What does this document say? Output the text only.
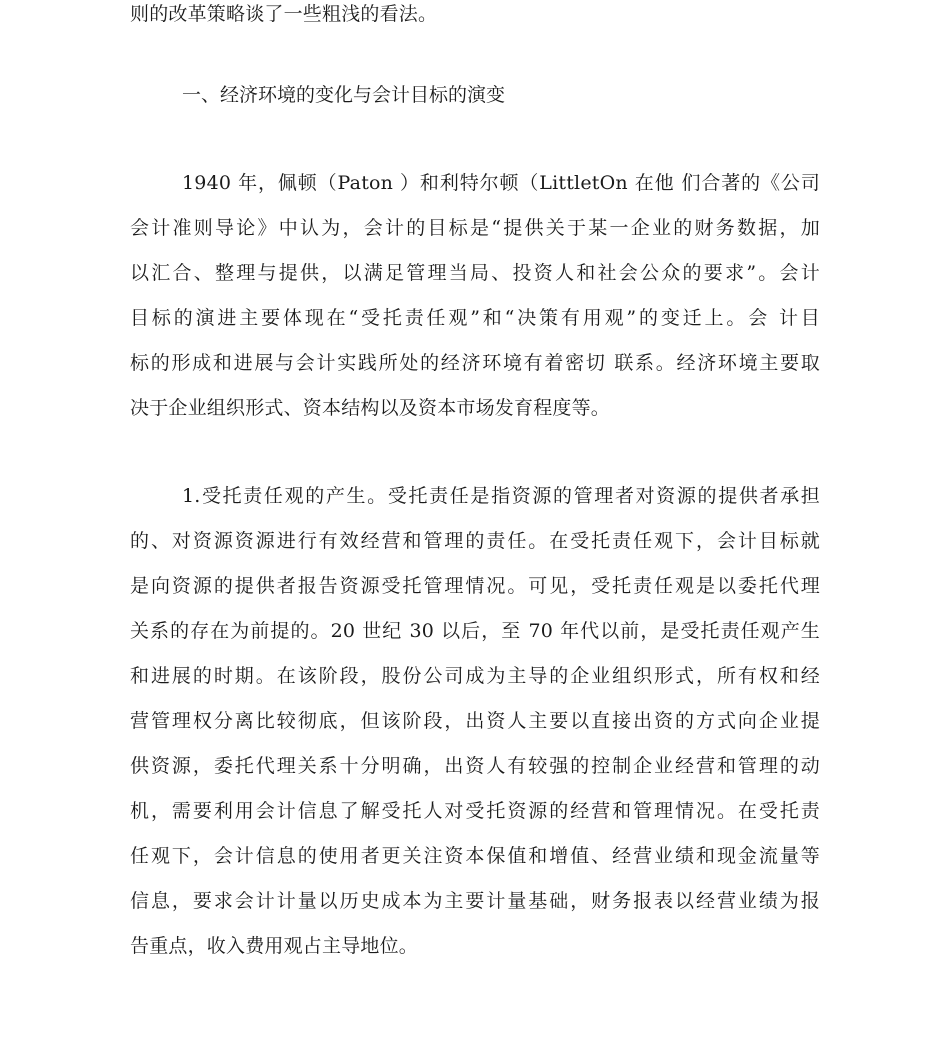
则的改革策略谈了一些粗浅的看法。
一、经济环境的变化与会计目标的演变
1940 年，佩顿（Paton ）和利特尔顿（LittletOn 在他 们合著的《公司
会计准则导论》中认为，会计的目标是“提供关于某一企业的财务数据，加
以汇合、整理与提供，以满足管理当局、投资人和社会公众的要求”。会计
目标的演进主要体现在“受托责任观”和“决策有用观”的变迁上。会 计目
标的形成和进展与会计实践所处的经济环境有着密切 联系。经济环境主要取
决于企业组织形式、资本结构以及资本市场发育程度等。
1.受托责任观的产生。受托责任是指资源的管理者对资源的提供者承担
的、对资源资源进行有效经营和管理的责任。在受托责任观下，会计目标就
是向资源的提供者报告资源受托管理情况。可见，受托责任观是以委托代理
关系的存在为前提的。20 世纪 30 以后，至 70 年代以前，是受托责任观产生
和进展的时期。在该阶段，股份公司成为主导的企业组织形式，所有权和经
营管理权分离比较彻底，但该阶段，出资人主要以直接出资的方式向企业提
供资源，委托代理关系十分明确，出资人有较强的控制企业经营和管理的动
机，需要利用会计信息了解受托人对受托资源的经营和管理情况。在受托责
任观下，会计信息的使用者更关注资本保值和增值、经营业绩和现金流量等
信息，要求会计计量以历史成本为主要计量基础，财务报表以经营业绩为报
告重点，收入费用观占主导地位。
